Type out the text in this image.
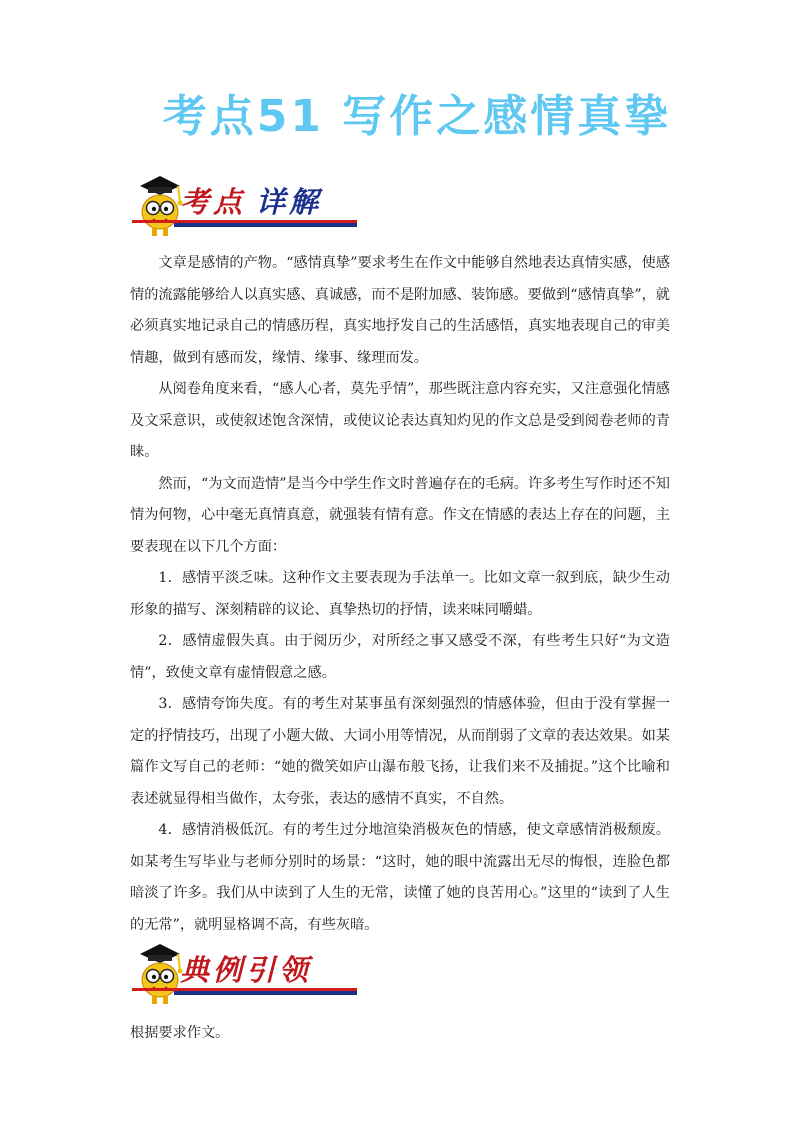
考点51 写作之感情真挚
考点 详解

文章是感情的产物。“感情真挚”要求考生在作文中能够自然地表达真情实感，使感情的流露能够给人以真实感、真诚感，而不是附加感、装饰感。要做到“感情真挚”，就必须真实地记录自己的情感历程，真实地抒发自己的生活感悟，真实地表现自己的审美情趣，做到有感而发，缘情、缘事、缘理而发。

从阅卷角度来看，“感人心者，莫先乎情”，那些既注意内容充实，又注意强化情感及文采意识，或使叙述饱含深情，或使议论表达真知灼见的作文总是受到阅卷老师的青睐。

然而，“为文而造情”是当今中学生作文时普遍存在的毛病。许多考生写作时还不知情为何物，心中毫无真情真意，就强装有情有意。作文在情感的表达上存在的问题，主要表现在以下几个方面：

1．感情平淡乏味。这种作文主要表现为手法单一。比如文章一叙到底，缺少生动形象的描写、深刻精辟的议论、真挚热切的抒情，读来味同嚼蜡。

2．感情虚假失真。由于阅历少，对所经之事又感受不深，有些考生只好“为文造情”，致使文章有虚情假意之感。

3．感情夸饰失度。有的考生对某事虽有深刻强烈的情感体验，但由于没有掌握一定的抒情技巧，出现了小题大做、大词小用等情况，从而削弱了文章的表达效果。如某篇作文写自己的老师：“她的微笑如庐山瀑布般飞扬，让我们来不及捕捉。”这个比喻和表述就显得相当做作，太夸张，表达的感情不真实，不自然。

4．感情消极低沉。有的考生过分地渲染消极灰色的情感，使文章感情消极颓废。如某考生写毕业与老师分别时的场景：“这时，她的眼中流露出无尽的悔恨，连脸色都暗淡了许多。我们从中读到了人生的无常，读懂了她的良苦用心。”这里的“读到了人生的无常”，就明显格调不高，有些灰暗。

典例引领

根据要求作文。
